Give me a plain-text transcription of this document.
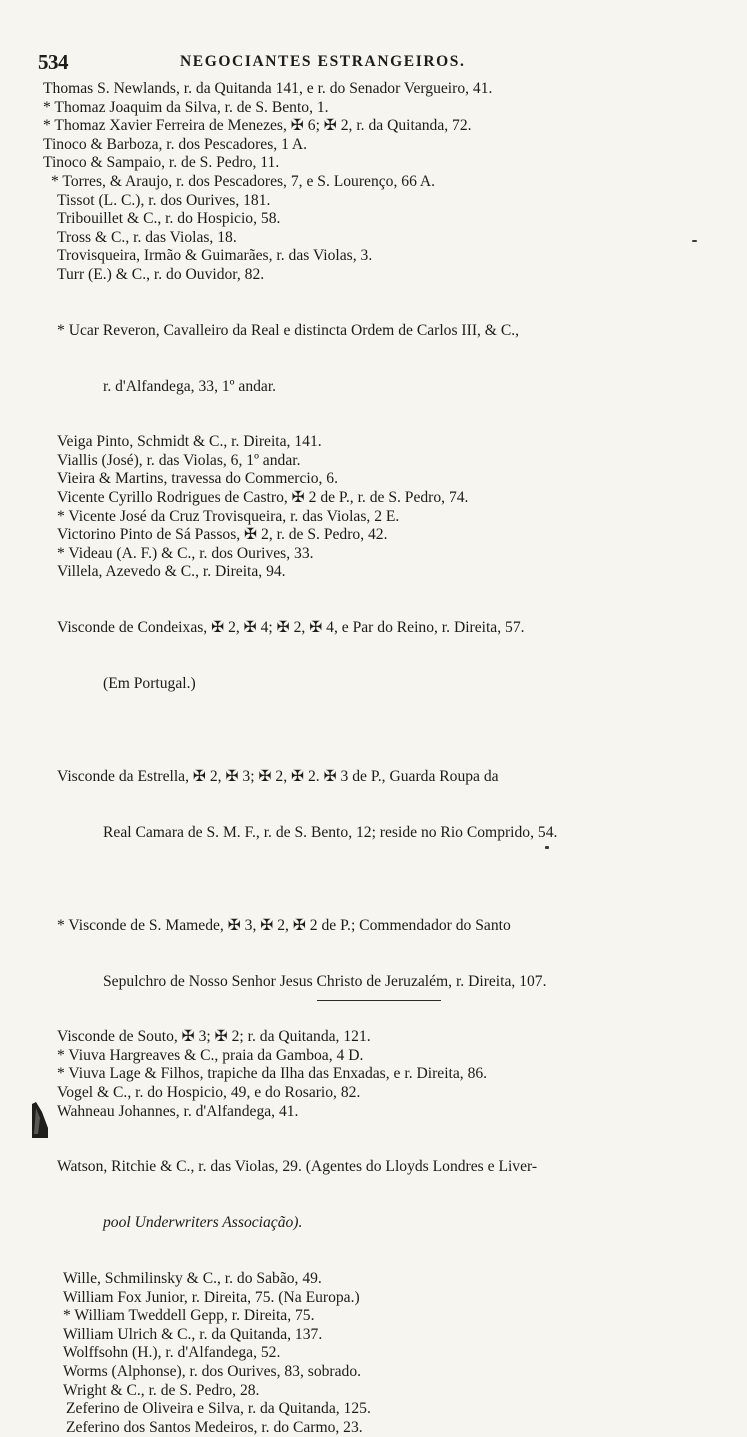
534	NEGOCIANTES ESTRANGEIROS.
Thomas S. Newlands, r. da Quitanda 141, e r. do Senador Vergueiro, 41.
* Thomaz Joaquim da Silva, r. de S. Bento, 1.
* Thomaz Xavier Ferreira de Menezes, ✠ 6; ✠ 2, r. da Quitanda, 72.
Tinoco & Barboza, r. dos Pescadores, 1 A.
Tinoco & Sampaio, r. de S. Pedro, 11.
* Torres, & Araujo, r. dos Pescadores, 7, e S. Lourenço, 66 A.
Tissot (L. C.), r. dos Ourives, 181.
Tribouillet & C., r. do Hospicio, 58.
Tross & C., r. das Violas, 18.
Trovisqueira, Irmão & Guimarães, r. das Violas, 3.
Turr (E.) & C., r. do Ouvidor, 82.

* Ucar Reveron, Cavalleiro da Real e distincta Ordem de Carlos III, & C.,

r. d'Alfandega, 33, 1º andar.

Veiga Pinto, Schmidt & C., r. Direita, 141.
Viallis (José), r. das Violas, 6, 1º andar.
Vieira & Martins, travessa do Commercio, 6.
Vicente Cyrillo Rodrigues de Castro, ✠ 2 de P., r. de S. Pedro, 74.
* Vicente José da Cruz Trovisqueira, r. das Violas, 2 E.
Victorino Pinto de Sá Passos, ✠ 2, r. de S. Pedro, 42.
* Videau (A. F.) & C., r. dos Ourives, 33.
Villela, Azevedo & C., r. Direita, 94.

Visconde de Condeixas, ✠ 2, ✠ 4; ✠ 2, ✠ 4, e Par do Reino, r. Direita, 57.

(Em Portugal.)

Visconde da Estrella, ✠ 2, ✠ 3; ✠ 2, ✠ 2. ✠ 3 de P., Guarda Roupa da

Real Camara de S. M. F., r. de S. Bento, 12; reside no Rio Comprido, 54.

* Visconde de S. Mamede, ✠ 3, ✠ 2, ✠ 2 de P.; Commendador do Santo

Sepulchro de Nosso Senhor Jesus Christo de Jeruzalém, r. Direita, 107.

Visconde de Souto, ✠ 3; ✠ 2; r. da Quitanda, 121.
* Viuva Hargreaves & C., praia da Gamboa, 4 D.
* Viuva Lage & Filhos, trapiche da Ilha das Enxadas, e r. Direita, 86.
Vogel & C., r. do Hospicio, 49, e do Rosario, 82.
Wahneau Johannes, r. d'Alfandega, 41.

Watson, Ritchie & C., r. das Violas, 29. (Agentes do Lloyds Londres e Liver-

pool Underwriters Associação).

Wille, Schmilinsky & C., r. do Sabão, 49.
William Fox Junior, r. Direita, 75. (Na Europa.)
* William Tweddell Gepp, r. Direita, 75.
William Ulrich & C., r. da Quitanda, 137.
Wolffsohn (H.), r. d'Alfandega, 52.
Worms (Alphonse), r. dos Ourives, 83, sobrado.
Wright & C., r. de S. Pedro, 28.
Zeferino de Oliveira e Silva, r. da Quitanda, 125.
Zeferino dos Santos Medeiros, r. do Carmo, 23.
